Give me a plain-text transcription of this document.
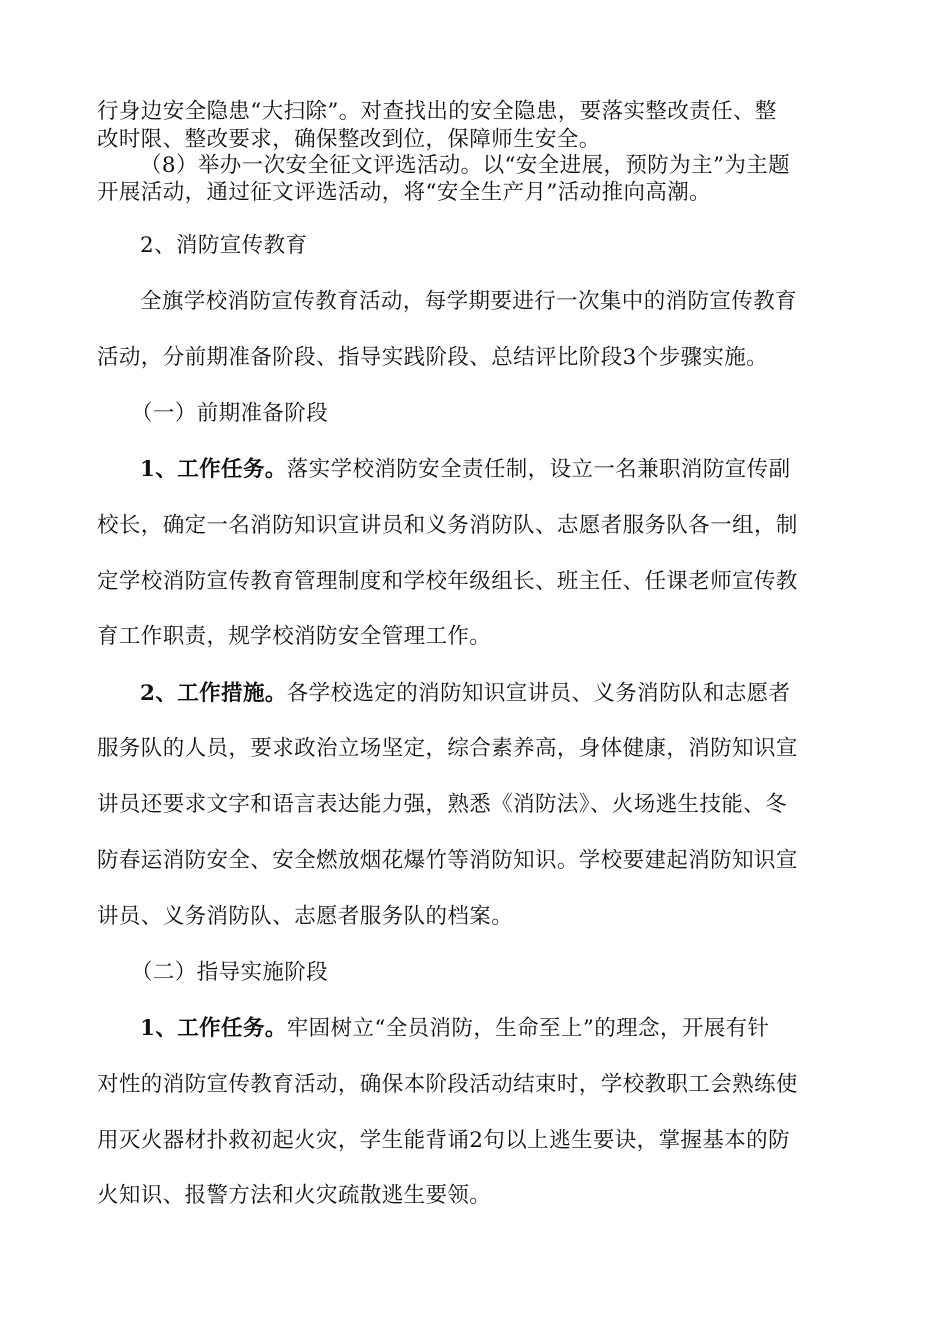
行身边安全隐患“大扫除”。对查找出的安全隐患，要落实整改责任、整
改时限、整改要求，确保整改到位，保障师生安全。
（8）举办一次安全征文评选活动。以“安全进展，预防为主”为主题
开展活动，通过征文评选活动，将“安全生产月”活动推向高潮。
2、消防宣传教育
全旗学校消防宣传教育活动，每学期要进行一次集中的消防宣传教育
活动，分前期准备阶段、指导实践阶段、总结评比阶段3个步骤实施。
（一）前期准备阶段
1、工作任务。落实学校消防安全责任制，设立一名兼职消防宣传副
校长，确定一名消防知识宣讲员和义务消防队、志愿者服务队各一组，制
定学校消防宣传教育管理制度和学校年级组长、班主任、任课老师宣传教
育工作职责，规学校消防安全管理工作。
2、工作措施。各学校选定的消防知识宣讲员、义务消防队和志愿者
服务队的人员，要求政治立场坚定，综合素养高，身体健康，消防知识宣
讲员还要求文字和语言表达能力强，熟悉《消防法》、火场逃生技能、冬
防春运消防安全、安全燃放烟花爆竹等消防知识。学校要建起消防知识宣
讲员、义务消防队、志愿者服务队的档案。
（二）指导实施阶段
1、工作任务。牢固树立“全员消防，生命至上”的理念，开展有针
对性的消防宣传教育活动，确保本阶段活动结束时，学校教职工会熟练使
用灭火器材扑救初起火灾，学生能背诵2句以上逃生要诀，掌握基本的防
火知识、报警方法和火灾疏散逃生要领。
